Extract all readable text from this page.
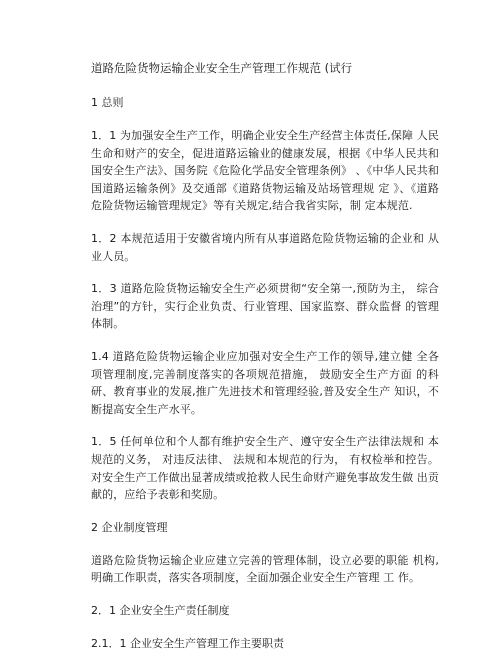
道路危险货物运输企业安全生产管理工作规范 (试行
1 总则
1．1 为加强安全生产工作，明确企业安全生产经营主体责任,保障 人民生命和财产的安全，促进道路运输业的健康发展，根据《中华人民共和国安全生产法》、国务院《危险化学品安全管理条例》 、《中华人民共和国道路运输条例》及交通部《道路货物运输及站场管理规 定 》、《道路危险货物运输管理规定》等有关规定,结合我省实际，制 定本规范.
1．2 本规范适用于安徽省境内所有从事道路危险货物运输的企业和 从业人员。
1．3 道路危险货物运输安全生产必须贯彻“安全第一,预防为主， 综合治理”的方针，实行企业负责、行业管理、国家监察、群众监督 的管理体制。
1.4 道路危险货物运输企业应加强对安全生产工作的领导,建立健 全各项管理制度,完善制度落实的各项规范措施， 鼓励安全生产方面 的科研、教育事业的发展,推广先进技术和管理经验,普及安全生产 知识，不断提高安全生产水平。
1．5 任何单位和个人都有维护安全生产、遵守安全生产法律法规和 本规范的义务， 对违反法律、 法规和本规范的行为， 有权检举和控告。 对安全生产工作做出显著成绩或抢救人民生命财产避免事故发生做 出贡献的，应给予表彰和奖励。
2 企业制度管理
道路危险货物运输企业应建立完善的管理体制，设立必要的职能 机构,明确工作职责，落实各项制度，全面加强企业安全生产管理 工 作。
2．1 企业安全生产责任制度
2.1．1 企业安全生产管理工作主要职责
